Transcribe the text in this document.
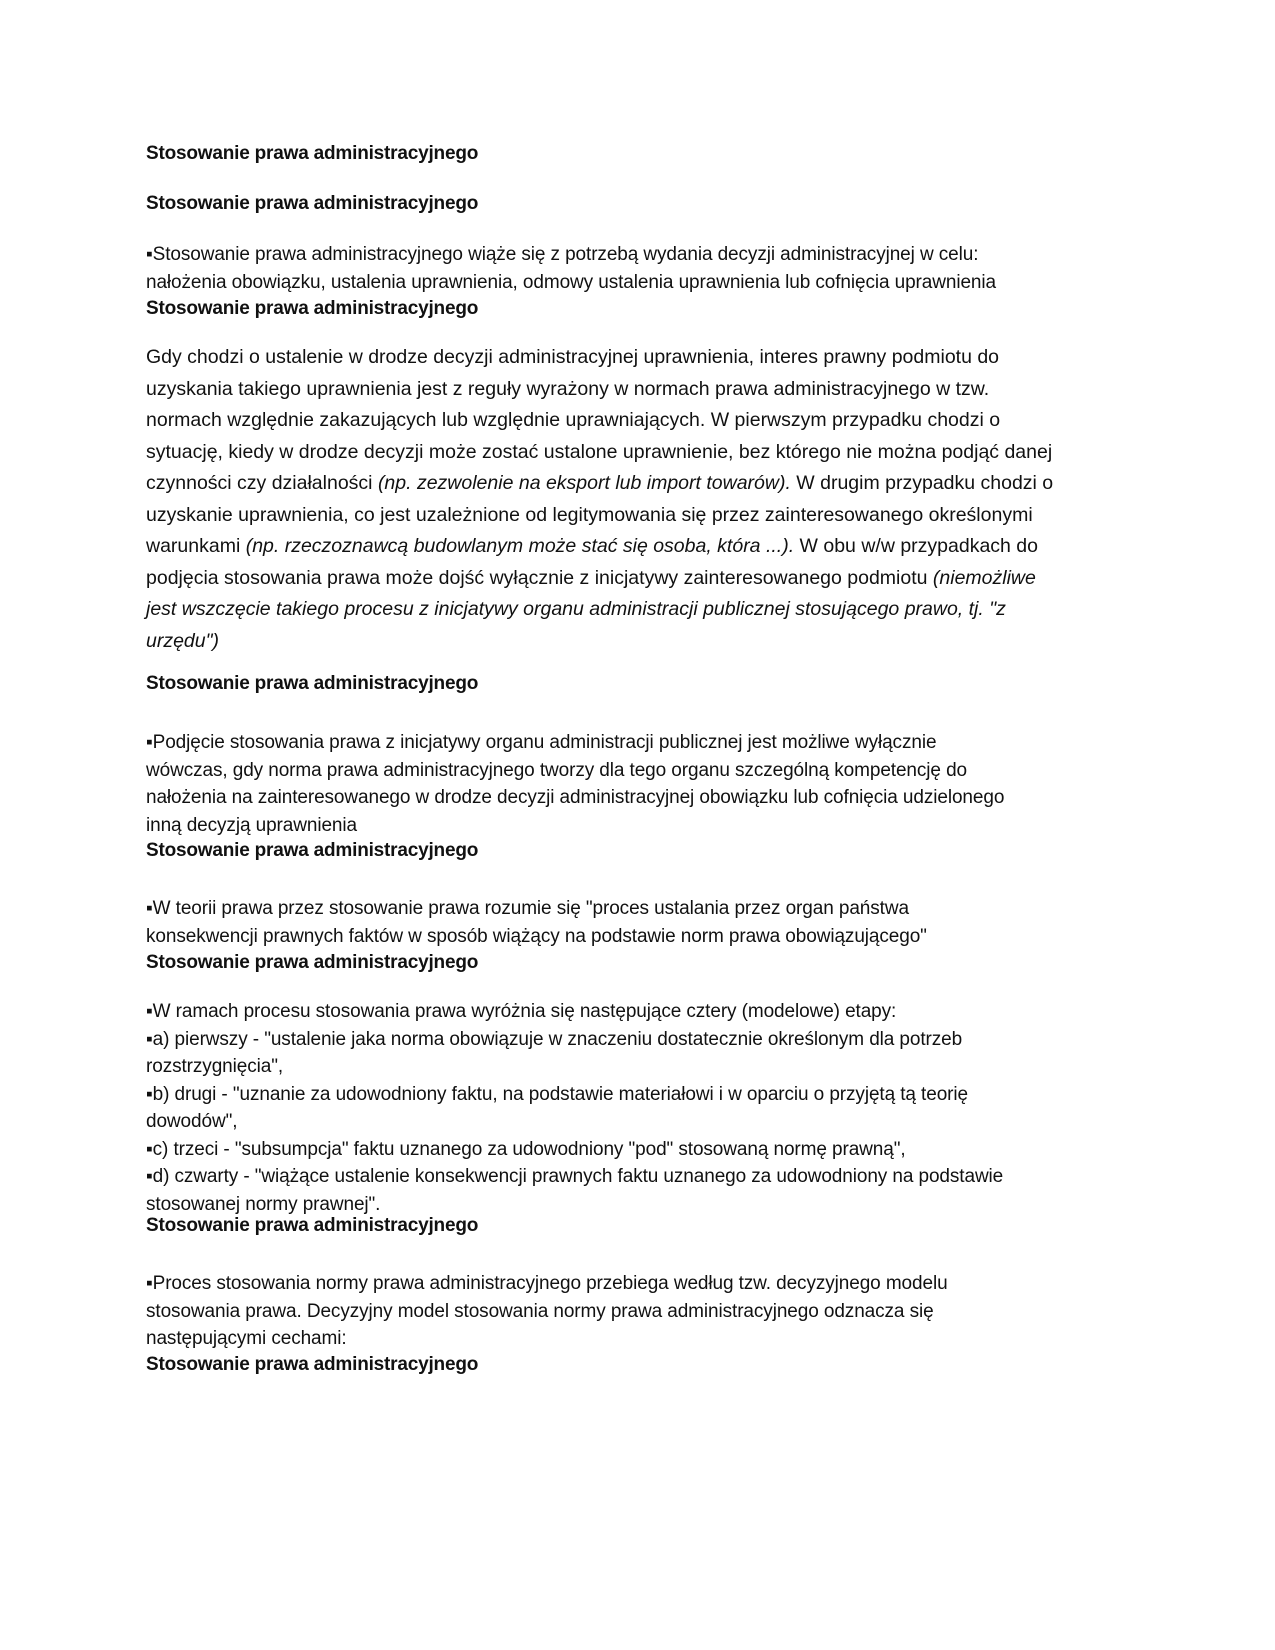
Stosowanie prawa administracyjnego
Stosowanie prawa administracyjnego
▪Stosowanie prawa administracyjnego wiąże się z potrzebą wydania decyzji administracyjnej w celu:
nałożenia obowiązku, ustalenia uprawnienia, odmowy ustalenia uprawnienia lub cofnięcia uprawnienia
Stosowanie prawa administracyjnego
Gdy chodzi o ustalenie w drodze decyzji administracyjnej uprawnienia, interes prawny podmiotu do
uzyskania takiego uprawnienia jest z reguły wyrażony w normach prawa administracyjnego w tzw.
normach względnie zakazujących lub względnie uprawniających. W pierwszym przypadku chodzi o
sytuację, kiedy w drodze decyzji może zostać ustalone uprawnienie, bez którego nie można podjąć danej
czynności czy działalności (np. zezwolenie na eksport lub import towarów). W drugim przypadku chodzi o
uzyskanie uprawnienia, co jest uzależnione od legitymowania się przez zainteresowanego określonymi
warunkami (np. rzeczoznawcą budowlanym może stać się osoba, która ...). W obu w/w przypadkach do
podjęcia stosowania prawa może dojść wyłącznie z inicjatywy zainteresowanego podmiotu (niemożliwe
jest wszczęcie takiego procesu z inicjatywy organu administracji publicznej stosującego prawo, tj. "z
urzędu")
Stosowanie prawa administracyjnego
▪Podjęcie stosowania prawa z inicjatywy organu administracji publicznej jest możliwe wyłącznie
wówczas, gdy norma prawa administracyjnego tworzy dla tego organu szczególną kompetencję do
nałożenia na zainteresowanego w drodze decyzji administracyjnej obowiązku lub cofnięcia udzielonego
inną decyzją uprawnienia
Stosowanie prawa administracyjnego
▪W teorii prawa przez stosowanie prawa rozumie się "proces ustalania przez organ państwa
konsekwencji prawnych faktów w sposób wiążący na podstawie norm prawa obowiązującego"
Stosowanie prawa administracyjnego
▪W ramach procesu stosowania prawa wyróżnia się następujące cztery (modelowe) etapy:
▪a) pierwszy - "ustalenie jaka norma obowiązuje w znaczeniu dostatecznie określonym dla potrzeb
rozstrzygnięcia",
▪b) drugi - "uznanie za udowodniony faktu, na podstawie materiałowi i w oparciu o przyjętą tą teorię
dowodów",
▪c) trzeci - "subsumpcja" faktu uznanego za udowodniony "pod" stosowaną normę prawną",
▪d) czwarty - "wiążące ustalenie konsekwencji prawnych faktu uznanego za udowodniony na podstawie
stosowanej normy prawnej".
Stosowanie prawa administracyjnego
▪Proces stosowania normy prawa administracyjnego przebiega według tzw. decyzyjnego modelu
stosowania prawa. Decyzyjny model stosowania normy prawa administracyjnego odznacza się
następującymi cechami:
Stosowanie prawa administracyjnego
